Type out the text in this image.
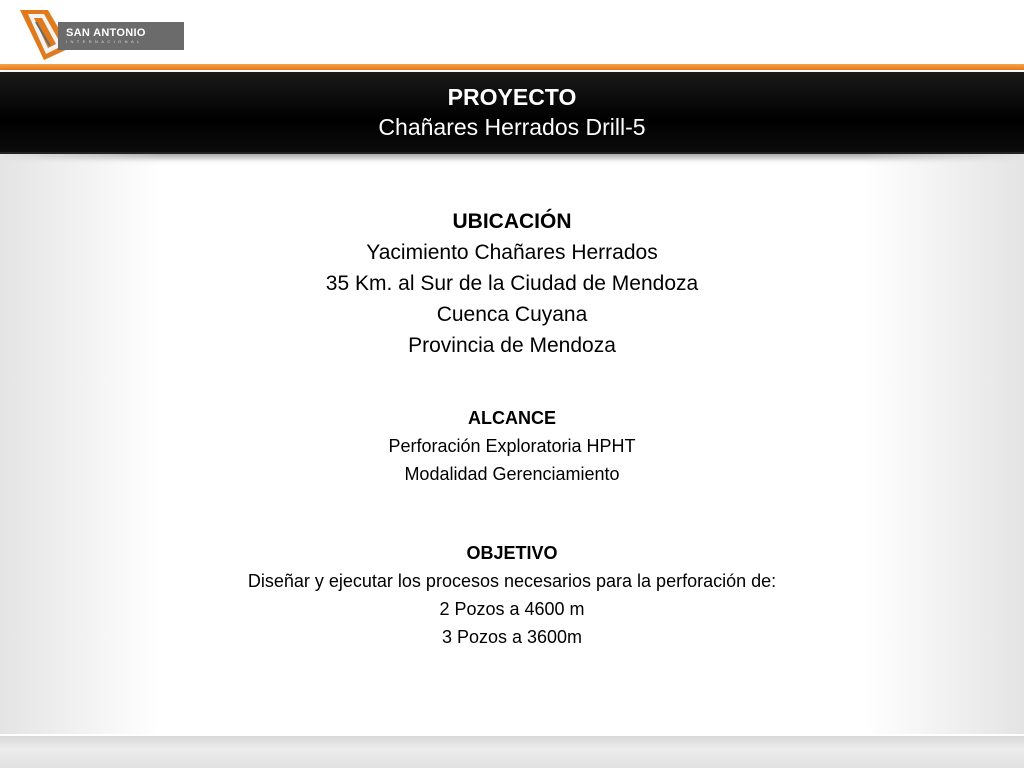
SAN ANTONIO
INTERNACIONAL
PROYECTO
Chañares Herrados Drill-5
UBICACIÓN
Yacimiento Chañares Herrados
35 Km. al Sur de la Ciudad de Mendoza
Cuenca Cuyana
Provincia de Mendoza
ALCANCE
Perforación Exploratoria HPHT
Modalidad Gerenciamiento
OBJETIVO
Diseñar y ejecutar los procesos necesarios para la perforación de:
2 Pozos a 4600 m
3 Pozos a 3600m
